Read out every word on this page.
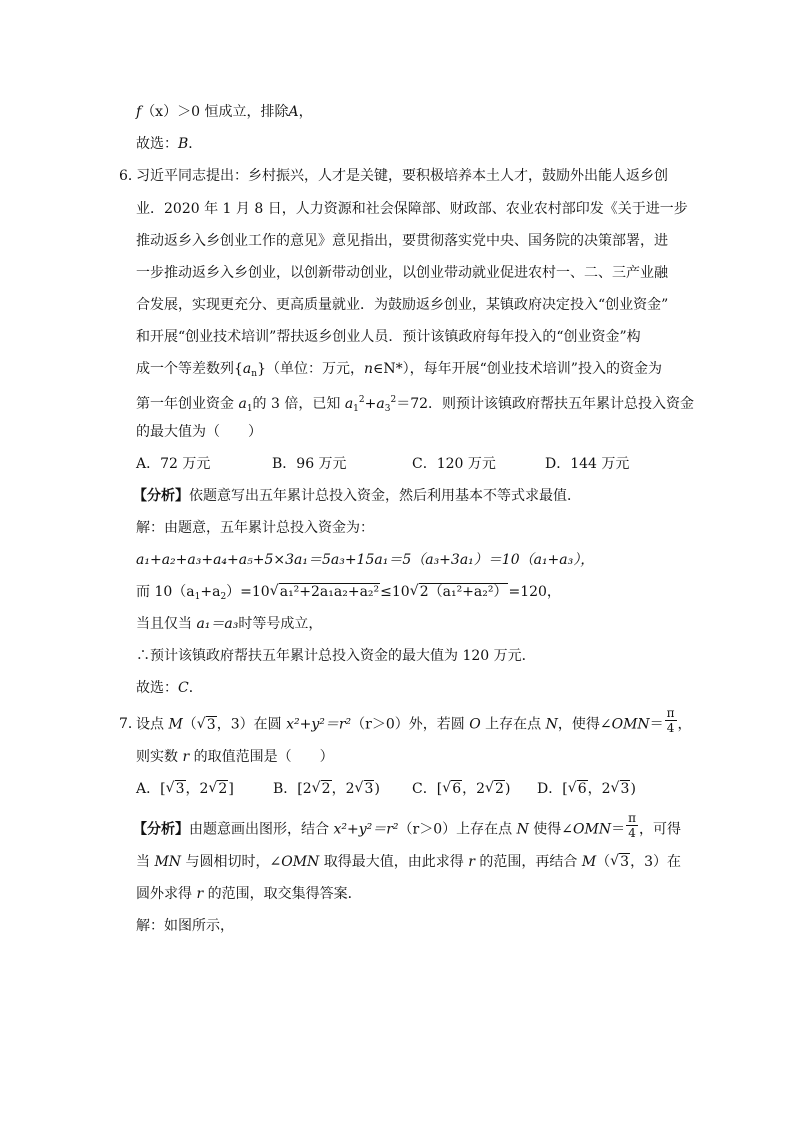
f（x）＞0 恒成立，排除A，
故选：B．
6．
习近平同志提出：乡村振兴，人才是关键，要积极培养本土人才，鼓励外出能人返乡创
业．2020 年 1 月 8 日，人力资源和社会保障部、财政部、农业农村部印发《关于进一步
推动返乡入乡创业工作的意见》意见指出，要贯彻落实党中央、国务院的决策部署，进
一步推动返乡入乡创业，以创新带动创业，以创业带动就业促进农村一、二、三产业融
合发展，实现更充分、更高质量就业．为鼓励返乡创业，某镇政府决定投入“创业资金”
和开展“创业技术培训”帮扶返乡创业人员．预计该镇政府每年投入的“创业资金”构
成一个等差数列$\{a_n\}$（单位：万元，n∈N*），每年开展“创业技术培训”投入的资金为
第一年创业资金 $a_1$的 3 倍，已知 $a_1^2+a_3^2=72$．则预计该镇政府帮扶五年累计总投入资金
的最大值为（　　）
A．72 万元	B．96 万元	C．120 万元	D．144 万元
【分析】依题意写出五年累计总投入资金，然后利用基本不等式求最值．
解：由题意，五年累计总投入资金为：
a₁+a₂+a₃+a₄+a₅+5×3a₁＝5a₃+15a₁＝5（a₃+3a₁）＝10（a₁+a₃），
而 $10(a_1+a_2)=10√$ a₁²+2a₁a₂+a₂²≤10√ 2（a₁²+a₂²）=120，
当且仅当 a₁＝a₃时等号成立，
∴预计该镇政府帮扶五年累计总投入资金的最大值为 120 万元．
故选：C．
7．
设点 M（√ 3，3）在圆 x²+y²＝r²（r＞0）外，若圆 O 上存在点 N，使得∠OMN＝ $\frac{\pi}{4}$ ，
则实数 r 的取值范围是（　　）
A．[√ 3，2√ 2]	B．[2√ 2，2√ 3) C．[√ 6，2√ 2) D．[√ 6，2√ 3)
【分析】由题意画出图形，结合 x²+y²＝r²（r＞0）上存在点 N 使得∠OMN＝ $\frac{\pi}{4}$ ，可得
当 MN 与圆相切时，∠OMN 取得最大值，由此求得 r 的范围，再结合 M（√ 3，3）在
圆外求得 r 的范围，取交集得答案．
解：如图所示，
